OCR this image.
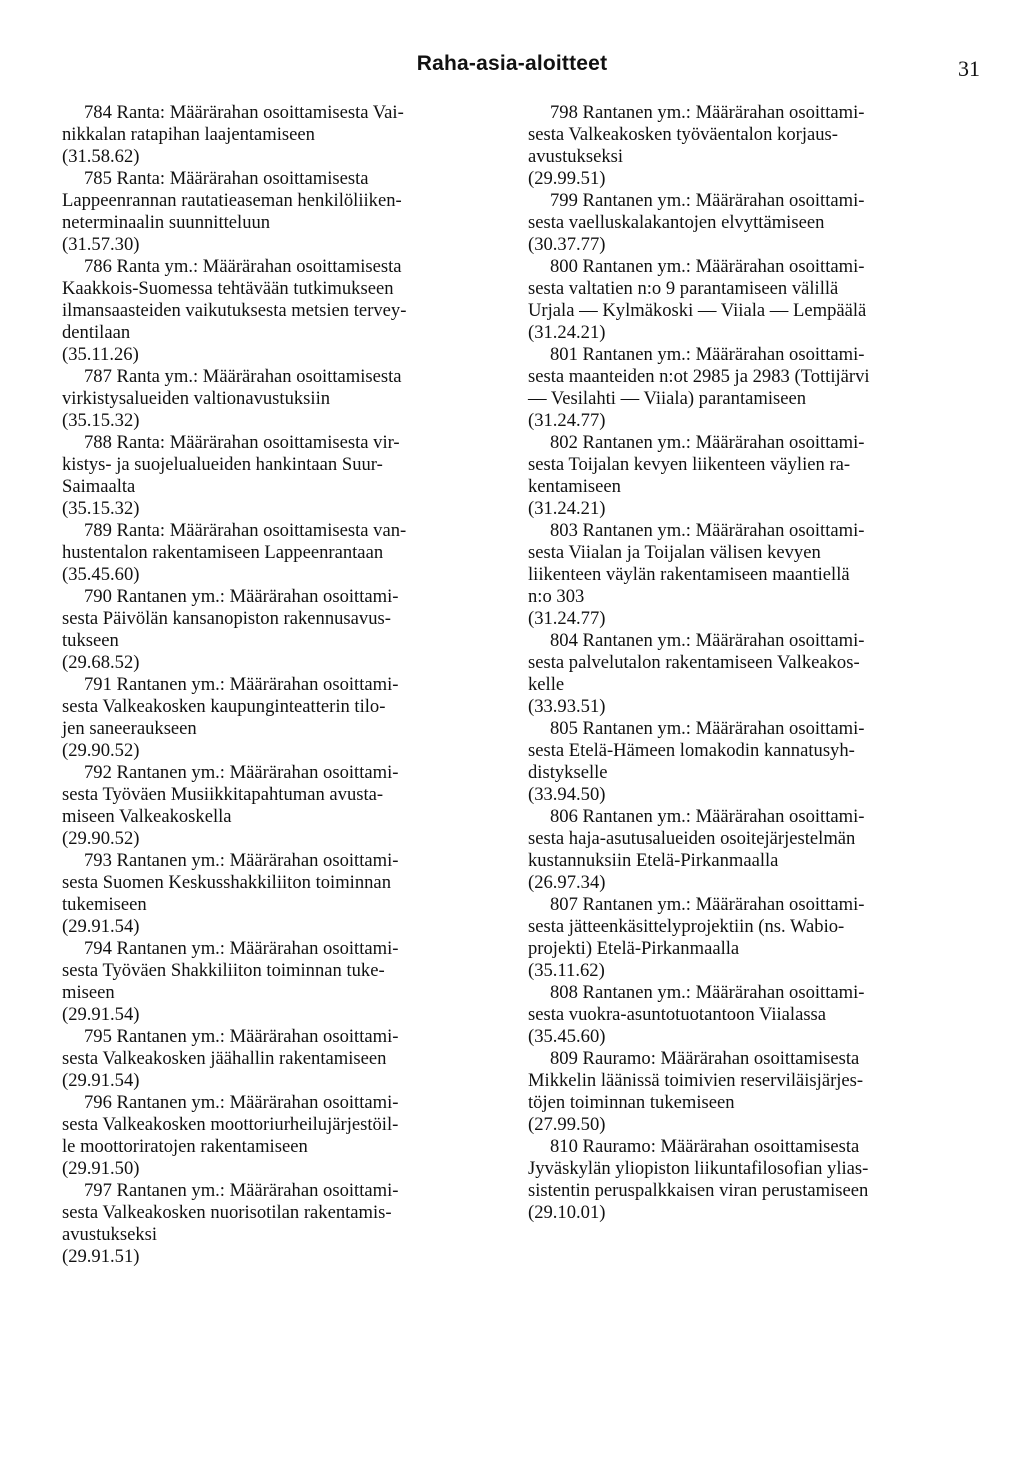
Raha-asia-aloitteet	31

784 Ranta: Määrärahan osoittamisesta Vai-
nikkalan ratapihan laajentamiseen

(31.58.62)

785 Ranta: Määrärahan osoittamisesta
Lappeenrannan rautatieaseman henkilöliiken-
neterminaalin suunnitteluun

(31.57.30)

786 Ranta ym.: Määrärahan osoittamisesta
Kaakkois-Suomessa tehtävään tutkimukseen
ilmansaasteiden vaikutuksesta metsien tervey-
dentilaan

(35.11.26)

787 Ranta ym.: Määrärahan osoittamisesta
virkistysalueiden valtionavustuksiin

(35.15.32)

788 Ranta: Määrärahan osoittamisesta vir-
kistys- ja suojelualueiden hankintaan Suur-
Saimaalta

(35.15.32)

789 Ranta: Määrärahan osoittamisesta van-
hustentalon rakentamiseen Lappeenrantaan

(35.45.60)

790 Rantanen ym.: Määrärahan osoittami-
sesta Päivölän kansanopiston rakennusavus-
tukseen

(29.68.52)

791 Rantanen ym.: Määrärahan osoittami-
sesta Valkeakosken kaupunginteatterin tilo-
jen saneeraukseen

(29.90.52)

792 Rantanen ym.: Määrärahan osoittami-
sesta Työväen Musiikkitapahtuman avusta-
miseen Valkeakoskella

(29.90.52)

793 Rantanen ym.: Määrärahan osoittami-
sesta Suomen Keskusshakkiliiton toiminnan
tukemiseen

(29.91.54)

794 Rantanen ym.: Määrärahan osoittami-
sesta Työväen Shakkiliiton toiminnan tuke-
miseen

(29.91.54)

795 Rantanen ym.: Määrärahan osoittami-
sesta Valkeakosken jäähallin rakentamiseen

(29.91.54)

796 Rantanen ym.: Määrärahan osoittami-
sesta Valkeakosken moottoriurheilujärjestöil-
le moottoriratojen rakentamiseen

(29.91.50)

797 Rantanen ym.: Määrärahan osoittami-
sesta Valkeakosken nuorisotilan rakentamis-
avustukseksi

(29.91.51)

798 Rantanen ym.: Määrärahan osoittami-
sesta Valkeakosken työväentalon korjaus-
avustukseksi

(29.99.51)

799 Rantanen ym.: Määrärahan osoittami-
sesta vaelluskalakantojen elvyttämiseen

(30.37.77)

800 Rantanen ym.: Määrärahan osoittami-
sesta valtatien n:o 9 parantamiseen välillä
Urjala — Kylmäkoski — Viiala — Lempäälä

(31.24.21)

801 Rantanen ym.: Määrärahan osoittami-
sesta maanteiden n:ot 2985 ja 2983 (Tottijärvi
— Vesilahti — Viiala) parantamiseen

(31.24.77)

802 Rantanen ym.: Määrärahan osoittami-
sesta Toijalan kevyen liikenteen väylien ra-
kentamiseen

(31.24.21)

803 Rantanen ym.: Määrärahan osoittami-
sesta Viialan ja Toijalan välisen kevyen
liikenteen väylän rakentamiseen maantiellä
n:o 303

(31.24.77)

804 Rantanen ym.: Määrärahan osoittami-
sesta palvelutalon rakentamiseen Valkeakos-
kelle

(33.93.51)

805 Rantanen ym.: Määrärahan osoittami-
sesta Etelä-Hämeen lomakodin kannatusyh-
distykselle

(33.94.50)

806 Rantanen ym.: Määrärahan osoittami-
sesta haja-asutusalueiden osoitejärjestelmän
kustannuksiin Etelä-Pirkanmaalla

(26.97.34)

807 Rantanen ym.: Määrärahan osoittami-
sesta jätteenkäsittelyprojektiin (ns. Wabio-
projekti) Etelä-Pirkanmaalla

(35.11.62)

808 Rantanen ym.: Määrärahan osoittami-
sesta vuokra-asuntotuotantoon Viialassa

(35.45.60)

809 Rauramo: Määrärahan osoittamisesta
Mikkelin läänissä toimivien reserviläisjärjes-
töjen toiminnan tukemiseen

(27.99.50)

810 Rauramo: Määrärahan osoittamisesta
Jyväskylän yliopiston liikuntafilosofian ylias-
sistentin peruspalkkaisen viran perustamiseen

(29.10.01)
